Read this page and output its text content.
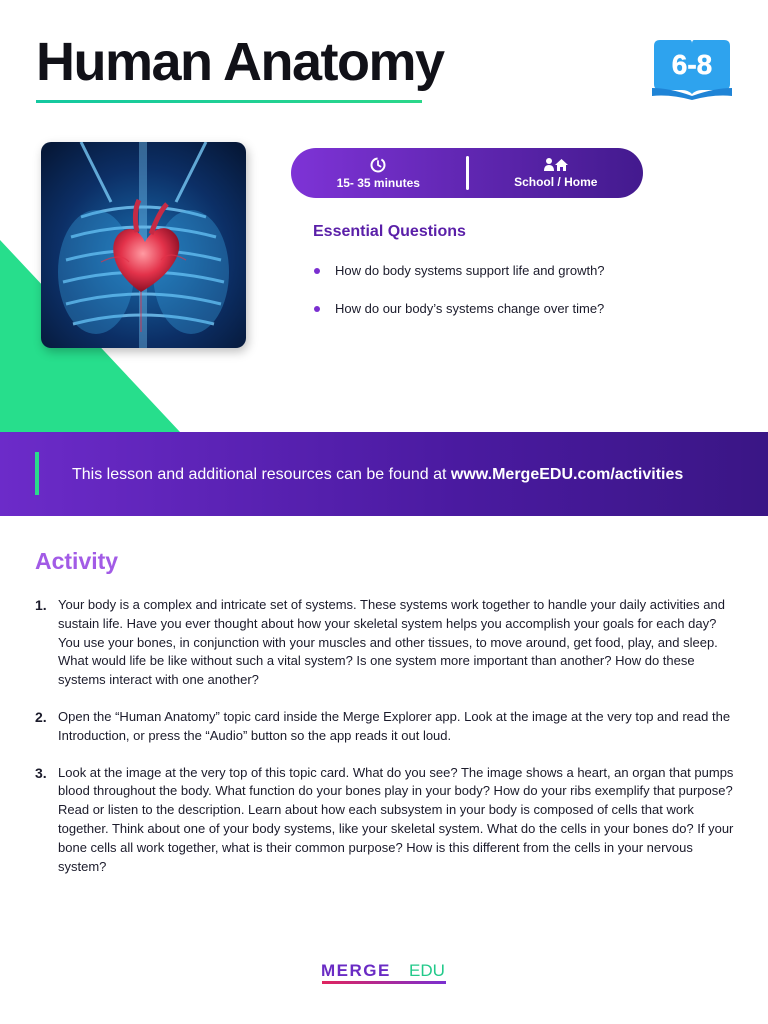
Human Anatomy	6-8
15- 35 minutes	School / Home
Essential Questions
How do body systems support life and growth?
How do our body’s systems change over time?
This lesson and additional resources can be found at www.MergeEDU.com/activities
Activity
1. Your body is a complex and intricate set of systems. These systems work together to handle your daily activities and sustain life. Have you ever thought about how your skeletal system helps you accomplish your goals for each day? You use your bones, in conjunction with your muscles and other tissues, to move around, get food, play, and sleep. What would life be like without such a vital system? Is one system more important than another? How do these systems interact with one another?
2. Open the “Human Anatomy” topic card inside the Merge Explorer app. Look at the image at the very top and read the Introduction, or press the “Audio” button so the app reads it out loud.
3. Look at the image at the very top of this topic card. What do you see? The image shows a heart, an organ that pumps blood throughout the body. What function do your bones play in your body? How do your ribs exemplify that purpose? Read or listen to the description. Learn about how each subsystem in your body is composed of cells that work together. Think about one of your body systems, like your skeletal system. What do the cells in your bones do? If your bone cells all work together, what is their common purpose? How is this different from the cells in your nervous system?
MERGE EDU
